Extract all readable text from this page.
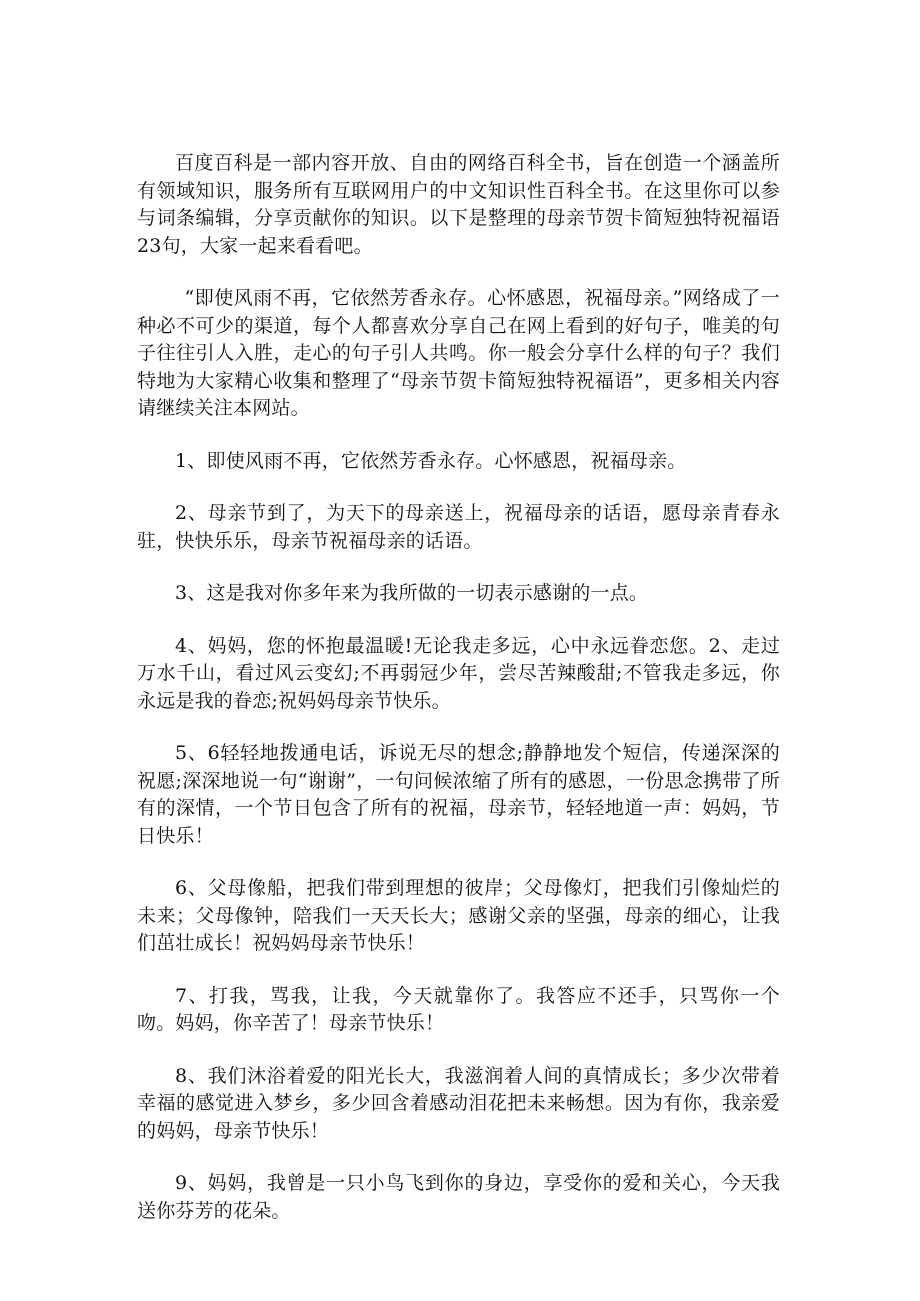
百度百科是一部内容开放、自由的网络百科全书，旨在创造一个涵盖所有领域知识，服务所有互联网用户的中文知识性百科全书。在这里你可以参与词条编辑，分享贡献你的知识。以下是整理的母亲节贺卡简短独特祝福语23句，大家一起来看看吧。

“即使风雨不再，它依然芳香永存。心怀感恩，祝福母亲。”网络成了一种必不可少的渠道，每个人都喜欢分享自己在网上看到的好句子，唯美的句子往往引人入胜，走心的句子引人共鸣。你一般会分享什么样的句子？我们特地为大家精心收集和整理了“母亲节贺卡简短独特祝福语”，更多相关内容请继续关注本网站。

1、即使风雨不再，它依然芳香永存。心怀感恩，祝福母亲。

2、母亲节到了，为天下的母亲送上，祝福母亲的话语，愿母亲青春永驻，快快乐乐，母亲节祝福母亲的话语。

3、这是我对你多年来为我所做的一切表示感谢的一点。

4、妈妈，您的怀抱最温暖!无论我走多远，心中永远眷恋您。2、走过万水千山，看过风云变幻;不再弱冠少年，尝尽苦辣酸甜;不管我走多远，你永远是我的眷恋;祝妈妈母亲节快乐。

5、6轻轻地拨通电话，诉说无尽的想念;静静地发个短信，传递深深的祝愿;深深地说一句“谢谢”，一句问候浓缩了所有的感恩，一份思念携带了所有的深情，一个节日包含了所有的祝福，母亲节，轻轻地道一声：妈妈，节日快乐！

6、父母像船，把我们带到理想的彼岸；父母像灯，把我们引像灿烂的未来；父母像钟，陪我们一天天长大；感谢父亲的坚强，母亲的细心，让我们茁壮成长！祝妈妈母亲节快乐！

7、打我，骂我，让我，今天就靠你了。我答应不还手，只骂你一个吻。妈妈，你辛苦了！母亲节快乐！

8、我们沐浴着爱的阳光长大，我滋润着人间的真情成长；多少次带着幸福的感觉进入梦乡，多少回含着感动泪花把未来畅想。因为有你，我亲爱的妈妈，母亲节快乐！

9、妈妈，我曾是一只小鸟飞到你的身边，享受你的爱和关心，今天我送你芬芳的花朵。
